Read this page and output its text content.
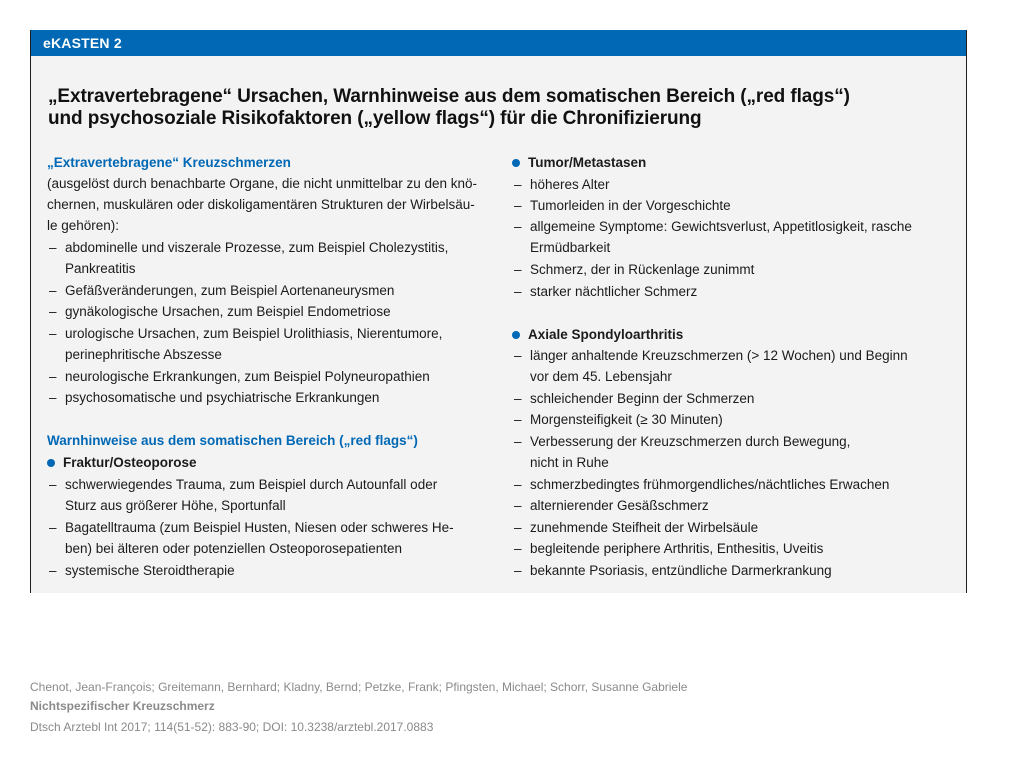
eKASTEN 2
„Extravertebragene“ Ursachen, Warnhinweise aus dem somatischen Bereich („red flags“)
und psychosoziale Risikofaktoren („yellow flags“) für die Chronifizierung
„Extravertebragene“ Kreuzschmerzen
(ausgelöst durch benachbarte Organe, die nicht unmittelbar zu den knö-
chernen, muskulären oder diskoligamentären Strukturen der Wirbelsäu-
le gehören):
– abdominelle und viszerale Prozesse, zum Beispiel Cholezystitis,
Pankreatitis
– Gefäßveränderungen, zum Beispiel Aortenaneurysmen
– gynäkologische Ursachen, zum Beispiel Endometriose
– urologische Ursachen, zum Beispiel Urolithiasis, Nierentumore,
perinephritische Abszesse
– neurologische Erkrankungen, zum Beispiel Polyneuropathien
– psychosomatische und psychiatrische Erkrankungen
Warnhinweise aus dem somatischen Bereich („red flags“)
Fraktur/Osteoporose
– schwerwiegendes Trauma, zum Beispiel durch Autounfall oder
Sturz aus größerer Höhe, Sportunfall
– Bagatelltrauma (zum Beispiel Husten, Niesen oder schweres He-
ben) bei älteren oder potenziellen Osteoporosepatienten
– systemische Steroidtherapie
Tumor/Metastasen
– höheres Alter
– Tumorleiden in der Vorgeschichte
– allgemeine Symptome: Gewichtsverlust, Appetitlosigkeit, rasche
Ermüdbarkeit
– Schmerz, der in Rückenlage zunimmt
– starker nächtlicher Schmerz
Axiale Spondyloarthritis
– länger anhaltende Kreuzschmerzen (> 12 Wochen) und Beginn
vor dem 45. Lebensjahr
– schleichender Beginn der Schmerzen
– Morgensteifigkeit (≥ 30 Minuten)
– Verbesserung der Kreuzschmerzen durch Bewegung,
nicht in Ruhe
– schmerzbedingtes frühmorgendliches/nächtliches Erwachen
– alternierender Gesäßschmerz
– zunehmende Steifheit der Wirbelsäule
– begleitende periphere Arthritis, Enthesitis, Uveitis
– bekannte Psoriasis, entzündliche Darmerkrankung
Chenot, Jean-François; Greitemann, Bernhard; Kladny, Bernd; Petzke, Frank; Pfingsten, Michael; Schorr, Susanne Gabriele
Nichtspezifischer Kreuzschmerz
Dtsch Arztebl Int 2017; 114(51-52): 883-90; DOI: 10.3238/arztebl.2017.0883
